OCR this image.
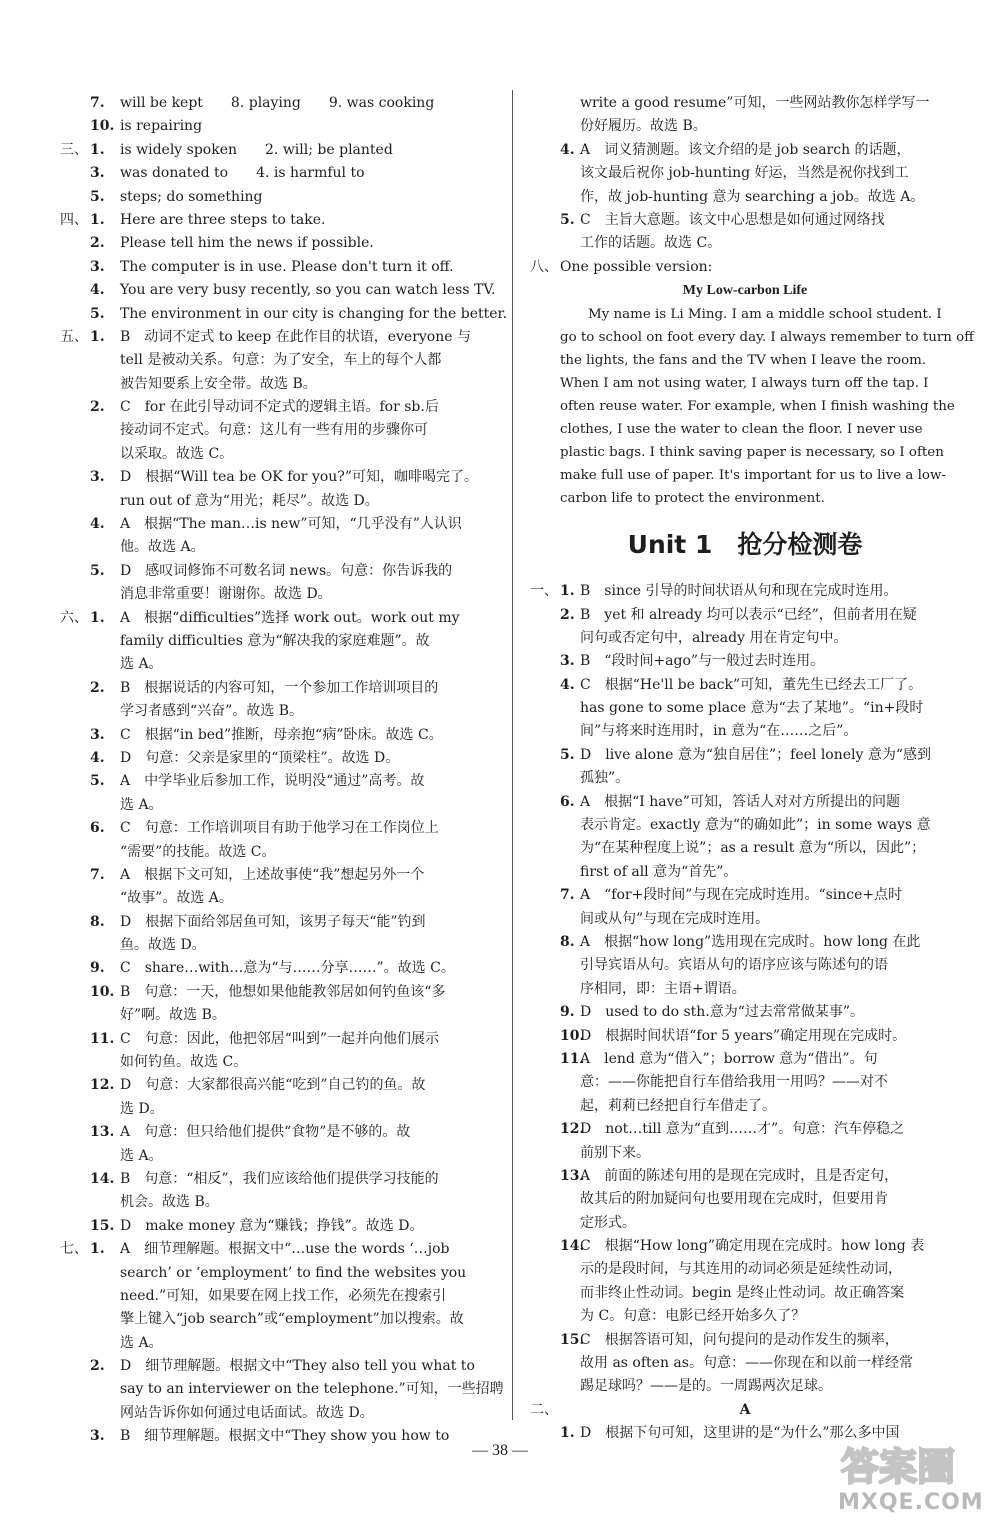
7. will be kept　　8. playing　　9. was cooking
10. is repairing
三、 1. is widely spoken　　2. will; be planted
3. was donated to　　4. is harmful to
5. steps; do something
四、 1. Here are three steps to take.
2. Please tell him the news if possible.
3. The computer is in use. Please don't turn it off.
4. You are very busy recently, so you can watch less TV.
5. The environment in our city is changing for the better.
五、 1. B　动词不定式 to keep 在此作目的状语，everyone 与
tell 是被动关系。句意：为了安全，车上的每个人都
被告知要系上安全带。故选 B。
2. C　for 在此引导动词不定式的逻辑主语。for sb.后
接动词不定式。句意：这儿有一些有用的步骤你可
以采取。故选 C。
3. D　根据“Will tea be OK for you?”可知，咖啡喝完了。
run out of 意为“用光；耗尽”。故选 D。
4. A　根据“The man…is new”可知，“几乎没有”人认识
他。故选 A。
5. D　感叹词修饰不可数名词 news。句意：你告诉我的
消息非常重要！谢谢你。故选 D。
六、 1. A　根据“difficulties”选择 work out。work out my
family difficulties 意为“解决我的家庭难题”。故
选 A。
2. B　根据说话的内容可知，一个参加工作培训项目的
学习者感到“兴奋”。故选 B。
3. C　根据“in bed”推断，母亲抱“病”卧床。故选 C。
4. D　句意：父亲是家里的“顶梁柱”。故选 D。
5. A　中学毕业后参加工作，说明没“通过”高考。故
选 A。
6. C　句意：工作培训项目有助于他学习在工作岗位上
“需要”的技能。故选 C。
7. A　根据下文可知，上述故事使“我”想起另外一个
“故事”。故选 A。
8. D　根据下面给邻居鱼可知，该男子每天“能”钓到
鱼。故选 D。
9. C　share…with…意为“与……分享……”。故选 C。
10. B　句意：一天，他想如果他能教邻居如何钓鱼该“多
好”啊。故选 B。
11. C　句意：因此，他把邻居“叫到”一起并向他们展示
如何钓鱼。故选 C。
12. D　句意：大家都很高兴能“吃到”自己钓的鱼。故
选 D。
13. A　句意：但只给他们提供“食物”是不够的。故
选 A。
14. B　句意：“相反”，我们应该给他们提供学习技能的
机会。故选 B。
15. D　make money 意为“赚钱；挣钱”。故选 D。
七、 1. A　细节理解题。根据文中“…use the words ‘…job
search’ or ‘employment’ to find the websites you
need.”可知，如果要在网上找工作，必须先在搜索引
擎上键入“job search”或“employment”加以搜索。故
选 A。
2. D　细节理解题。根据文中“They also tell you what to
say to an interviewer on the telephone.”可知，一些招聘
网站告诉你如何通过电话面试。故选 D。
3. B　细节理解题。根据文中“They show you how to
write a good resume”可知，一些网站教你怎样学写一
份好履历。故选 B。
4. A　词义猜测题。该文介绍的是 job search 的话题，
该文最后祝你 job-hunting 好运，当然是祝你找到工
作，故 job-hunting 意为 searching a job。故选 A。
5. C　主旨大意题。该文中心思想是如何通过网络找
工作的话题。故选 C。
八、 One possible version:
My Low-carbon Life
My name is Li Ming. I am a middle school student. I
go to school on foot every day. I always remember to turn off
the lights, the fans and the TV when I leave the room.
When I am not using water, I always turn off the tap. I
often reuse water. For example, when I finish washing the
clothes, I use the water to clean the floor. I never use
plastic bags. I think saving paper is necessary, so I often
make full use of paper. It's important for us to live a low-
carbon life to protect the environment.
Unit 1　抢分检测卷
一、 1. B　since 引导的时间状语从句和现在完成时连用。
2. B　yet 和 already 均可以表示“已经”，但前者用在疑
问句或否定句中，already 用在肯定句中。
3. B　“段时间+ago”与一般过去时连用。
4. C　根据“He'll be back”可知，董先生已经去工厂了。
has gone to some place 意为“去了某地”。“in+段时
间”与将来时连用时，in 意为“在……之后”。
5. D　live alone 意为“独自居住”；feel lonely 意为“感到
孤独”。
6. A　根据“I have”可知，答话人对对方所提出的问题
表示肯定。exactly 意为“的确如此”；in some ways 意
为“在某种程度上说”；as a result 意为“所以，因此”；
first of all 意为“首先”。
7. A　“for+段时间”与现在完成时连用。“since+点时
间或从句”与现在完成时连用。
8. A　根据“how long”选用现在完成时。how long 在此
引导宾语从句。宾语从句的语序应该与陈述句的语
序相同，即：主语+谓语。
9. D　used to do sth.意为“过去常常做某事”。
10.
D　根据时间状语“for 5 years”确定用现在完成时。
11.
A　lend 意为“借入”；borrow 意为“借出”。句
意：——你能把自行车借给我用一用吗？——对不
起，莉莉已经把自行车借走了。
12.
D　not…till 意为“直到……才”。句意：汽车停稳之
前别下来。
13.
A　前面的陈述句用的是现在完成时，且是否定句，
故其后的附加疑问句也要用现在完成时，但要用肯
定形式。
14.
C　根据“How long”确定用现在完成时。how long 表
示的是段时间，与其连用的动词必须是延续性动词，
而非终止性动词。begin 是终止性动词。故正确答案
为 C。句意：电影已经开始多久了？
15.
C　根据答语可知，问句提问的是动作发生的频率，
故用 as often as。句意：——你现在和以前一样经常
踢足球吗？——是的。一周踢两次足球。
二、	A
1. D　根据下句可知，这里讲的是“为什么”那么多中国
— 38 —	答案圈
MXQE.COM
